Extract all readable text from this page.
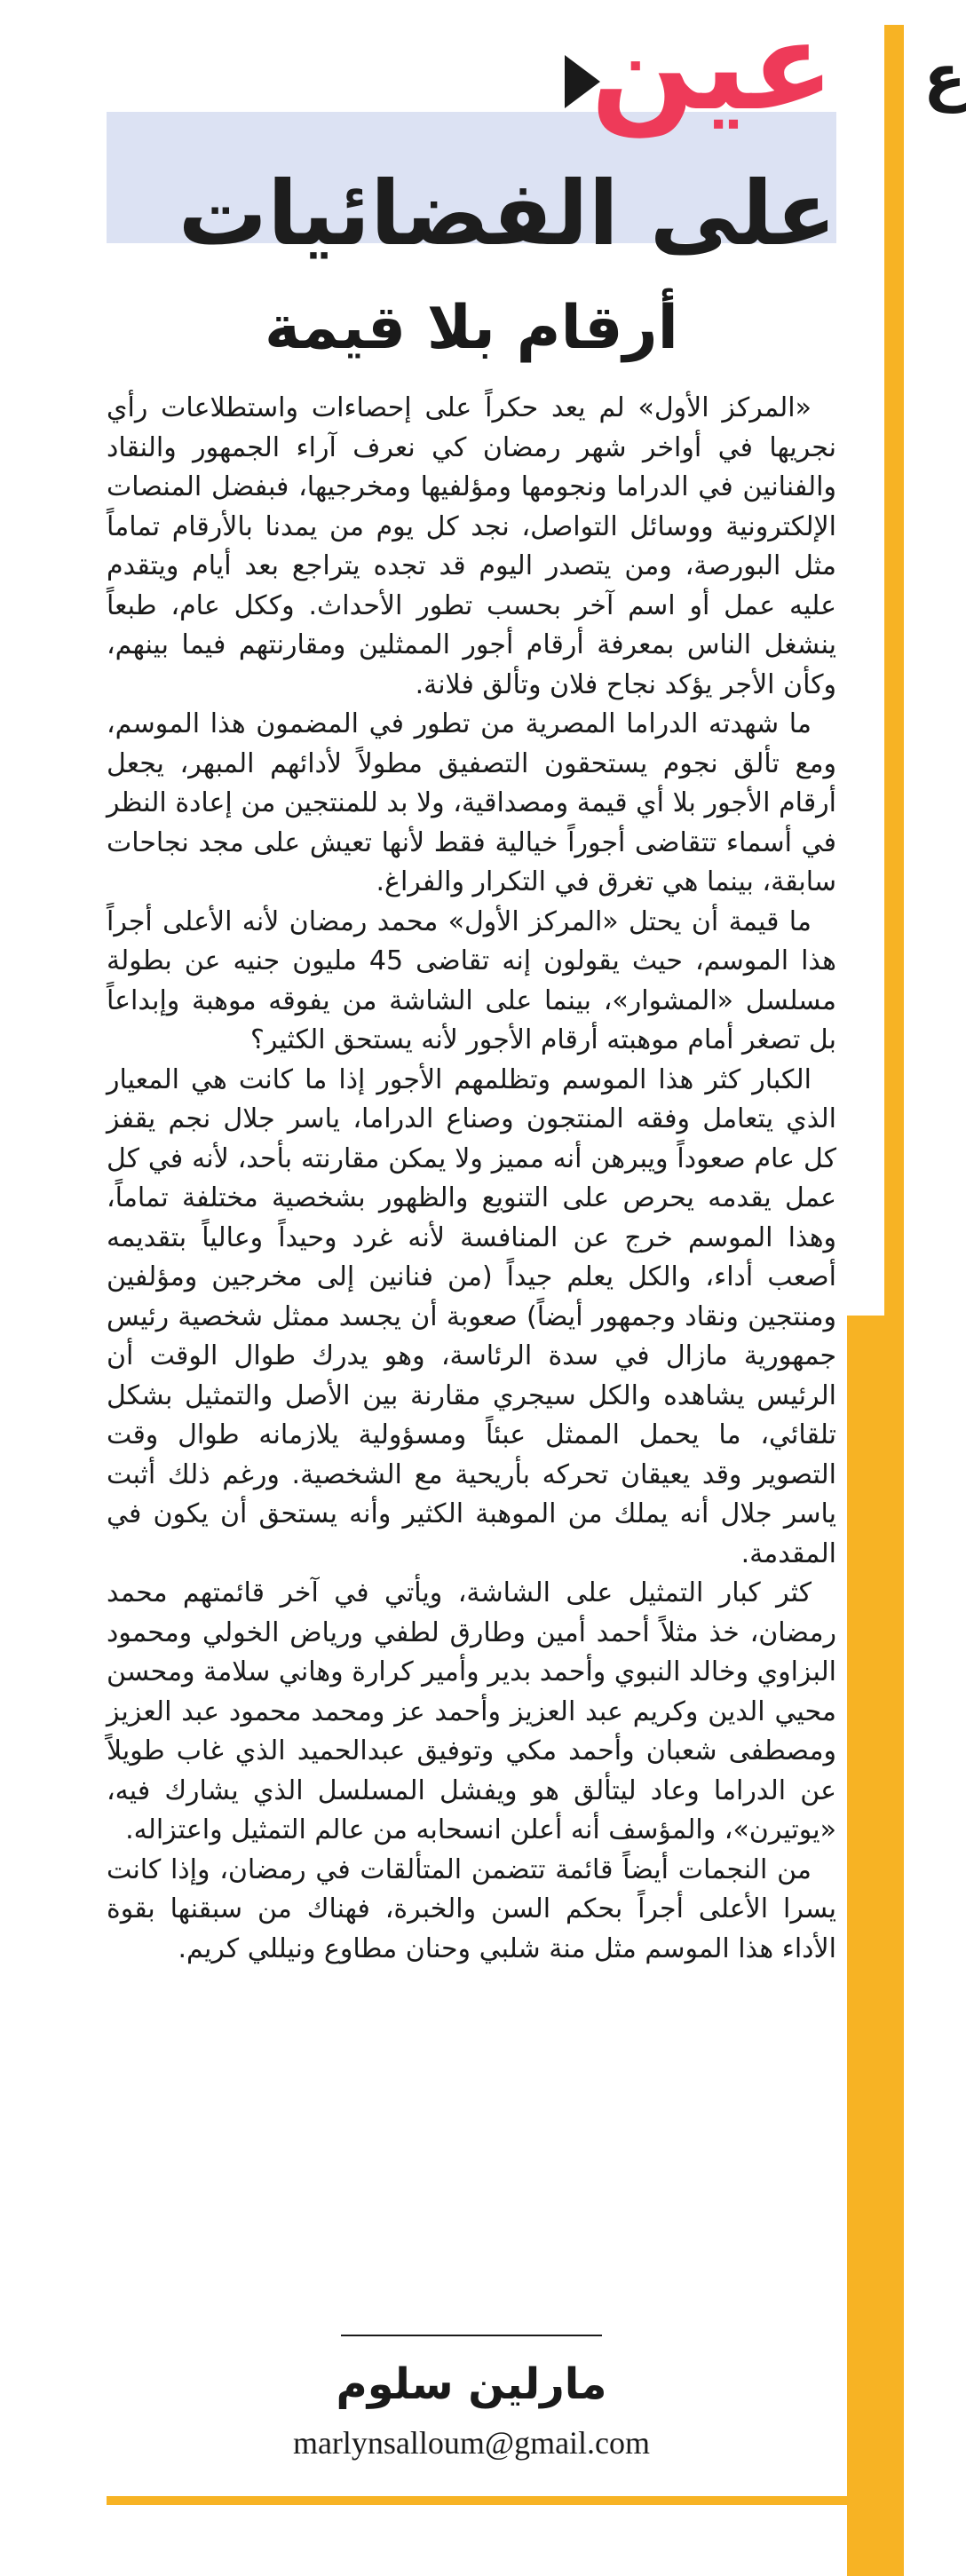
ع
عين
على الفضائيات
أرقام بلا قيمة

«المركز الأول» لم يعد حكراً على إحصاءات واستطلاعات رأي نجريها في أواخر شهر رمضان كي نعرف آراء الجمهور والنقاد والفنانين في الدراما ونجومها ومؤلفيها ومخرجيها، فبفضل المنصات الإلكترونية ووسائل التواصل، نجد كل يوم من يمدنا بالأرقام تماماً مثل البورصة، ومن يتصدر اليوم قد تجده يتراجع بعد أيام ويتقدم عليه عمل أو اسم آخر بحسب تطور الأحداث. وككل عام، طبعاً ينشغل الناس بمعرفة أرقام أجور الممثلين ومقارنتهم فيما بينهم، وكأن الأجر يؤكد نجاح فلان وتألق فلانة.

ما شهدته الدراما المصرية من تطور في المضمون هذا الموسم، ومع تألق نجوم يستحقون التصفيق مطولاً لأدائهم المبهر، يجعل أرقام الأجور بلا أي قيمة ومصداقية، ولا بد للمنتجين من إعادة النظر في أسماء تتقاضى أجوراً خيالية فقط لأنها تعيش على مجد نجاحات سابقة، بينما هي تغرق في التكرار والفراغ.

ما قيمة أن يحتل «المركز الأول» محمد رمضان لأنه الأعلى أجراً هذا الموسم، حيث يقولون إنه تقاضى 45 مليون جنيه عن بطولة مسلسل «المشوار»، بينما على الشاشة من يفوقه موهبة وإبداعاً بل تصغر أمام موهبته أرقام الأجور لأنه يستحق الكثير؟

الكبار كثر هذا الموسم وتظلمهم الأجور إذا ما كانت هي المعيار الذي يتعامل وفقه المنتجون وصناع الدراما، ياسر جلال نجم يقفز كل عام صعوداً ويبرهن أنه مميز ولا يمكن مقارنته بأحد، لأنه في كل عمل يقدمه يحرص على التنويع والظهور بشخصية مختلفة تماماً، وهذا الموسم خرج عن المنافسة لأنه غرد وحيداً وعالياً بتقديمه أصعب أداء، والكل يعلم جيداً (من فنانين إلى مخرجين ومؤلفين ومنتجين ونقاد وجمهور أيضاً) صعوبة أن يجسد ممثل شخصية رئيس جمهورية مازال في سدة الرئاسة، وهو يدرك طوال الوقت أن الرئيس يشاهده والكل سيجري مقارنة بين الأصل والتمثيل بشكل تلقائي، ما يحمل الممثل عبئاً ومسؤولية يلازمانه طوال وقت التصوير وقد يعيقان تحركه بأريحية مع الشخصية. ورغم ذلك أثبت ياسر جلال أنه يملك من الموهبة الكثير وأنه يستحق أن يكون في المقدمة.

كثر كبار التمثيل على الشاشة، ويأتي في آخر قائمتهم محمد رمضان، خذ مثلاً أحمد أمين وطارق لطفي ورياض الخولي ومحمود البزاوي وخالد النبوي وأحمد بدير وأمير كرارة وهاني سلامة ومحسن محيي الدين وكريم عبد العزيز وأحمد عز ومحمد محمود عبد العزيز ومصطفى شعبان وأحمد مكي وتوفيق عبدالحميد الذي غاب طويلاً عن الدراما وعاد ليتألق هو ويفشل المسلسل الذي يشارك فيه، «يوتيرن»، والمؤسف أنه أعلن انسحابه من عالم التمثيل واعتزاله.

من النجمات أيضاً قائمة تتضمن المتألقات في رمضان، وإذا كانت يسرا الأعلى أجراً بحكم السن والخبرة، فهناك من سبقنها بقوة الأداء هذا الموسم مثل منة شلبي وحنان مطاوع ونيللي كريم.

مارلين سلوم
marlynsalloum@gmail.com
